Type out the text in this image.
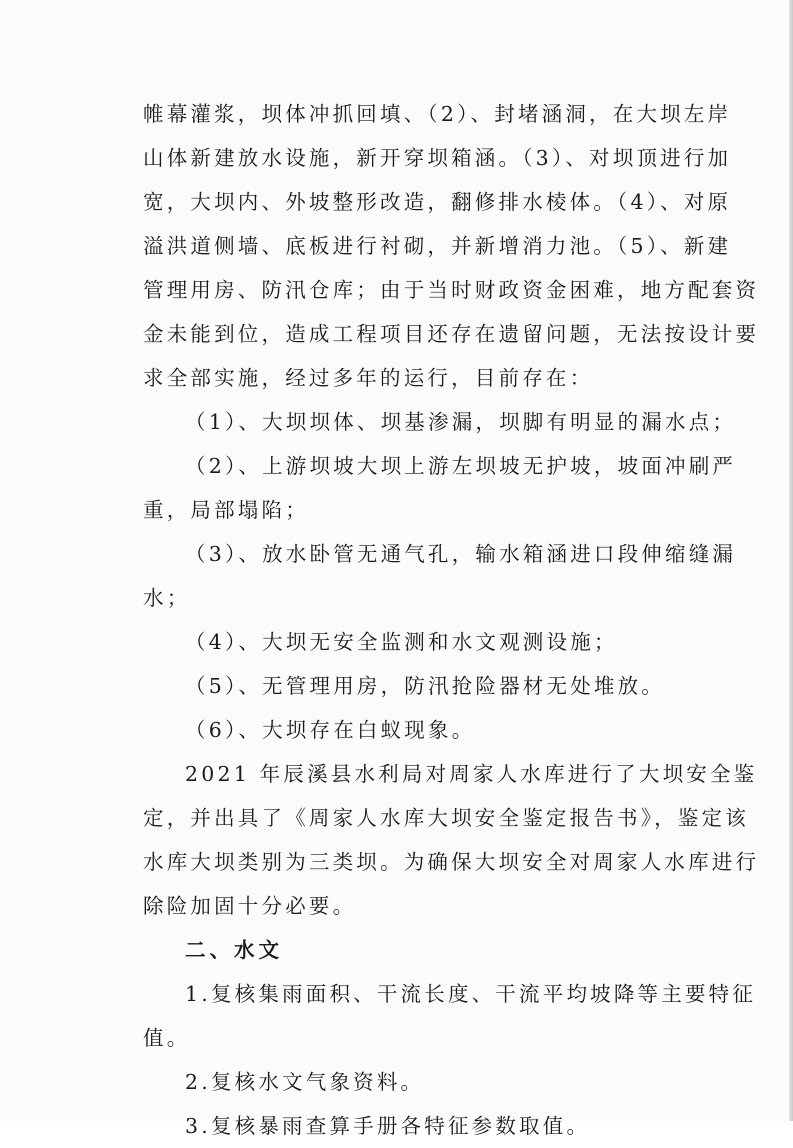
帷幕灌浆，坝体冲抓回填、（2）、封堵涵洞，在大坝左岸
山体新建放水设施，新开穿坝箱涵。（3）、对坝顶进行加
宽，大坝内、外坡整形改造，翻修排水棱体。（4）、对原
溢洪道侧墙、底板进行衬砌，并新增消力池。（5）、新建
管理用房、防汛仓库；由于当时财政资金困难，地方配套资
金未能到位，造成工程项目还存在遗留问题，无法按设计要
求全部实施，经过多年的运行，目前存在：
（1）、大坝坝体、坝基渗漏，坝脚有明显的漏水点；
（2）、上游坝坡大坝上游左坝坡无护坡，坡面冲刷严
重，局部塌陷；
（3）、放水卧管无通气孔，输水箱涵进口段伸缩缝漏
水；
（4）、大坝无安全监测和水文观测设施；
（5）、无管理用房，防汛抢险器材无处堆放。
（6）、大坝存在白蚁现象。
2021 年辰溪县水利局对周家人水库进行了大坝安全鉴
定，并出具了《周家人水库大坝安全鉴定报告书》，鉴定该
水库大坝类别为三类坝。为确保大坝安全对周家人水库进行
除险加固十分必要。
二、水文
1.复核集雨面积、干流长度、干流平均坡降等主要特征
值。
2.复核水文气象资料。
3.复核暴雨查算手册各特征参数取值。
